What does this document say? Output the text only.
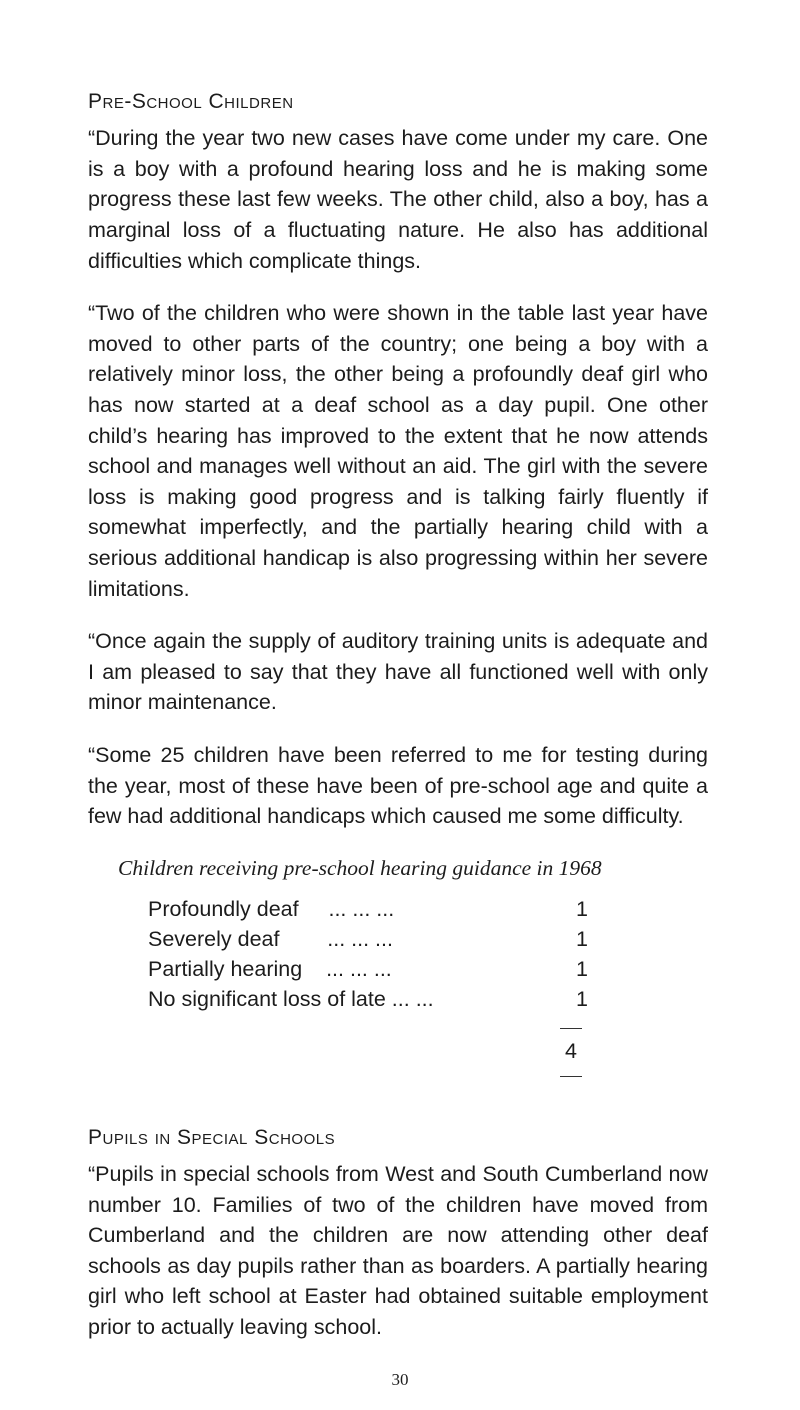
Pre-School Children

“During the year two new cases have come under my care. One is a boy with a profound hearing loss and he is making some progress these last few weeks. The other child, also a boy, has a marginal loss of a fluctuating nature. He also has additional difficulties which complicate things.

“Two of the children who were shown in the table last year have moved to other parts of the country; one being a boy with a relatively minor loss, the other being a profoundly deaf girl who has now started at a deaf school as a day pupil. One other child’s hearing has improved to the extent that he now attends school and manages well without an aid. The girl with the severe loss is making good progress and is talking fairly fluently if somewhat imperfectly, and the partially hearing child with a serious additional handicap is also progressing within her severe limitations.

“Once again the supply of auditory training units is adequate and I am pleased to say that they have all functioned well with only minor maintenance.

“Some 25 children have been referred to me for testing during the year, most of these have been of pre-school age and quite a few had additional handicaps which caused me some difficulty.

Children receiving pre-school hearing guidance in 1968
Profoundly deaf ... ... ...	1
Severely deaf ... ... ...	1
Partially hearing ... ... ...	1
No significant loss of late ... ...	1
4
Pupils in Special Schools

“Pupils in special schools from West and South Cumberland now number 10. Families of two of the children have moved from Cumberland and the children are now attending other deaf schools as day pupils rather than as boarders. A partially hearing girl who left school at Easter had obtained suitable employment prior to actually leaving school.

30
